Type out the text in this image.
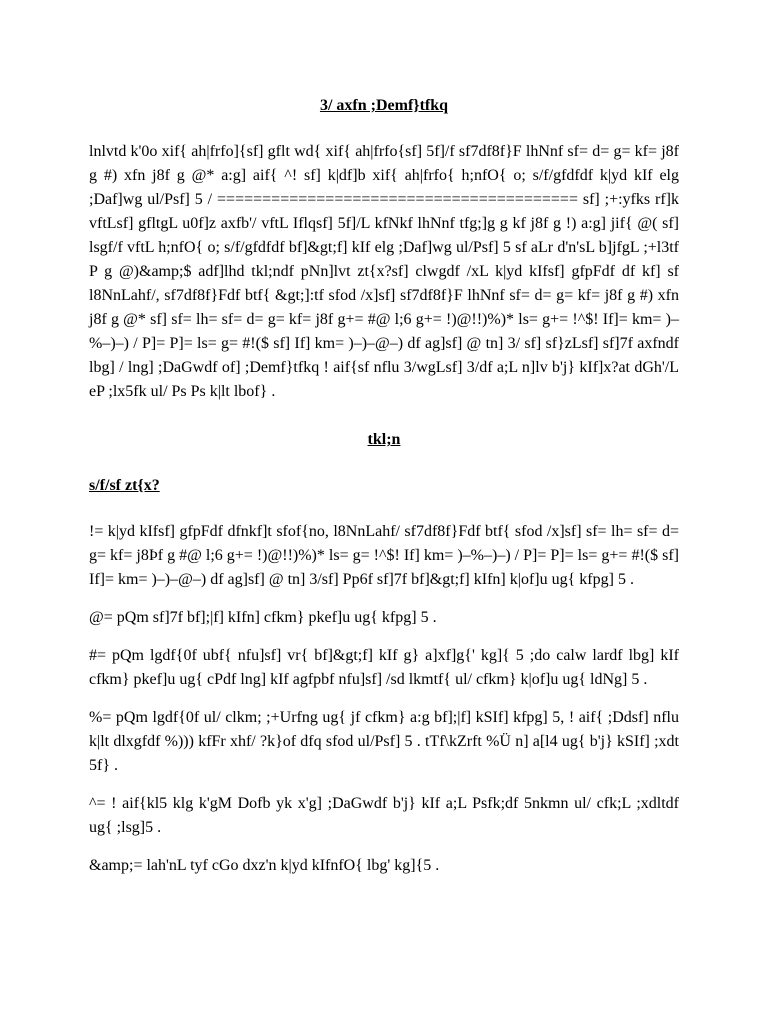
3/ axfn ;Demf}tfkq
lnlvtd k'0o xif{ ah|frfo]{sf] gflt wd{ xif{ ah|frfo{sf] 5f]/f sf7df8f}F lhNnf sf= d= g= kf= j8f g #) xfn j8f g @* a:g] aif{ ^! sf] k|df]b xif{ ah|frfo{ h;nfO{ o; s/f/gfdfdf k|yd kIf elg ;Daf]wg ul/Psf] 5 / ======================================== sf] ;+:yfks rf]k vftLsf] gfltgL u0f]z axfb'/ vftL Iflqsf] 5f]/L kfNkf lhNnf tfg;]g g kf j8f g !) a:g] jif{ @( sf] lsgf/f vftL h;nfO{ o; s/f/gfdfdf bf]&gt;f] kIf elg ;Daf]wg ul/Psf] 5 sf aLr d'n'sL b]jfgL ;+l3tf P g @)&amp;$ adf]lhd tkl;ndf pNn]lvt zt{x?sf] clwgdf /xL k|yd kIfsf] gfpFdf df kf] sf l8NnLahf/, sf7df8f}Fdf btf{ &gt;]:tf sfod /x]sf] sf7df8f}F lhNnf sf= d= g= kf= j8f g #) xfn j8f g @* sf] sf= lh= sf= d= g= kf= j8f g+= #@ l;6 g+= !)@!!)%)* ls= g+= !^$! If]= km= )–%–)–) / P]= P]= ls= g= #!($ sf] If] km= )–)–@–) df ag]sf] @ tn] 3/ sf] sf}zLsf] sf]7f axfndf lbg] / lng] ;DaGwdf of] ;Demf}tfkq ! aif{sf nflu 3/wgLsf] 3/df a;L n]lv b'j} kIf]x?at dGh'/L eP ;lx5fk ul/ Ps Ps k|lt lbof} .
tkl;n
s/f/sf zt{x?
!= k|yd kIfsf] gfpFdf dfnkf]t sfof{no, l8NnLahf/ sf7df8f}Fdf btf{ sfod /x]sf] sf= lh= sf= d= g= kf= j8Þf g #@ l;6 g+= !)@!!)%)* ls= g= !^$! If] km= )–%–)–) / P]= P]= ls= g+= #!($ sf] If]= km= )–)–@–) df ag]sf] @ tn] 3/sf] Pp6f sf]7f bf]&gt;f] kIfn] k|of]u ug{ kfpg] 5 .
@= pQm sf]7f bf];|f] kIfn] cfkm} pkef]u ug{ kfpg] 5 .
#= pQm lgdf{0f ubf{ nfu]sf] vr{ bf]&gt;f] kIf g} a]xf]g{' kg]{ 5 ;do calw lardf lbg] kIf cfkm} pkef]u ug{ cPdf lng] kIf agfpbf nfu]sf] /sd lkmtf{ ul/ cfkm} k|of]u ug{ ldNg] 5 .
%= pQm lgdf{0f ul/ clkm; ;+Urfng ug{ jf cfkm} a:g bf];|f] kSIf] kfpg] 5, ! aif{ ;Ddsf] nflu k|lt dlxgfdf %))) kfFr xhf/ ?k}of dfq sfod ul/Psf] 5 . tTf\kZrft %Ü n] a[l4 ug{ b'j} kSIf] ;xdt 5f} .
^= ! aif{kl5 klg k'gM Dofb yk x'g] ;DaGwdf b'j} kIf a;L Psfk;df 5nkmn ul/ cfk;L ;xdltdf ug{ ;lsg]5 .
&amp;= lah'nL tyf cGo dxz'n k|yd kIfnfO{ lbg' kg]{5 .
